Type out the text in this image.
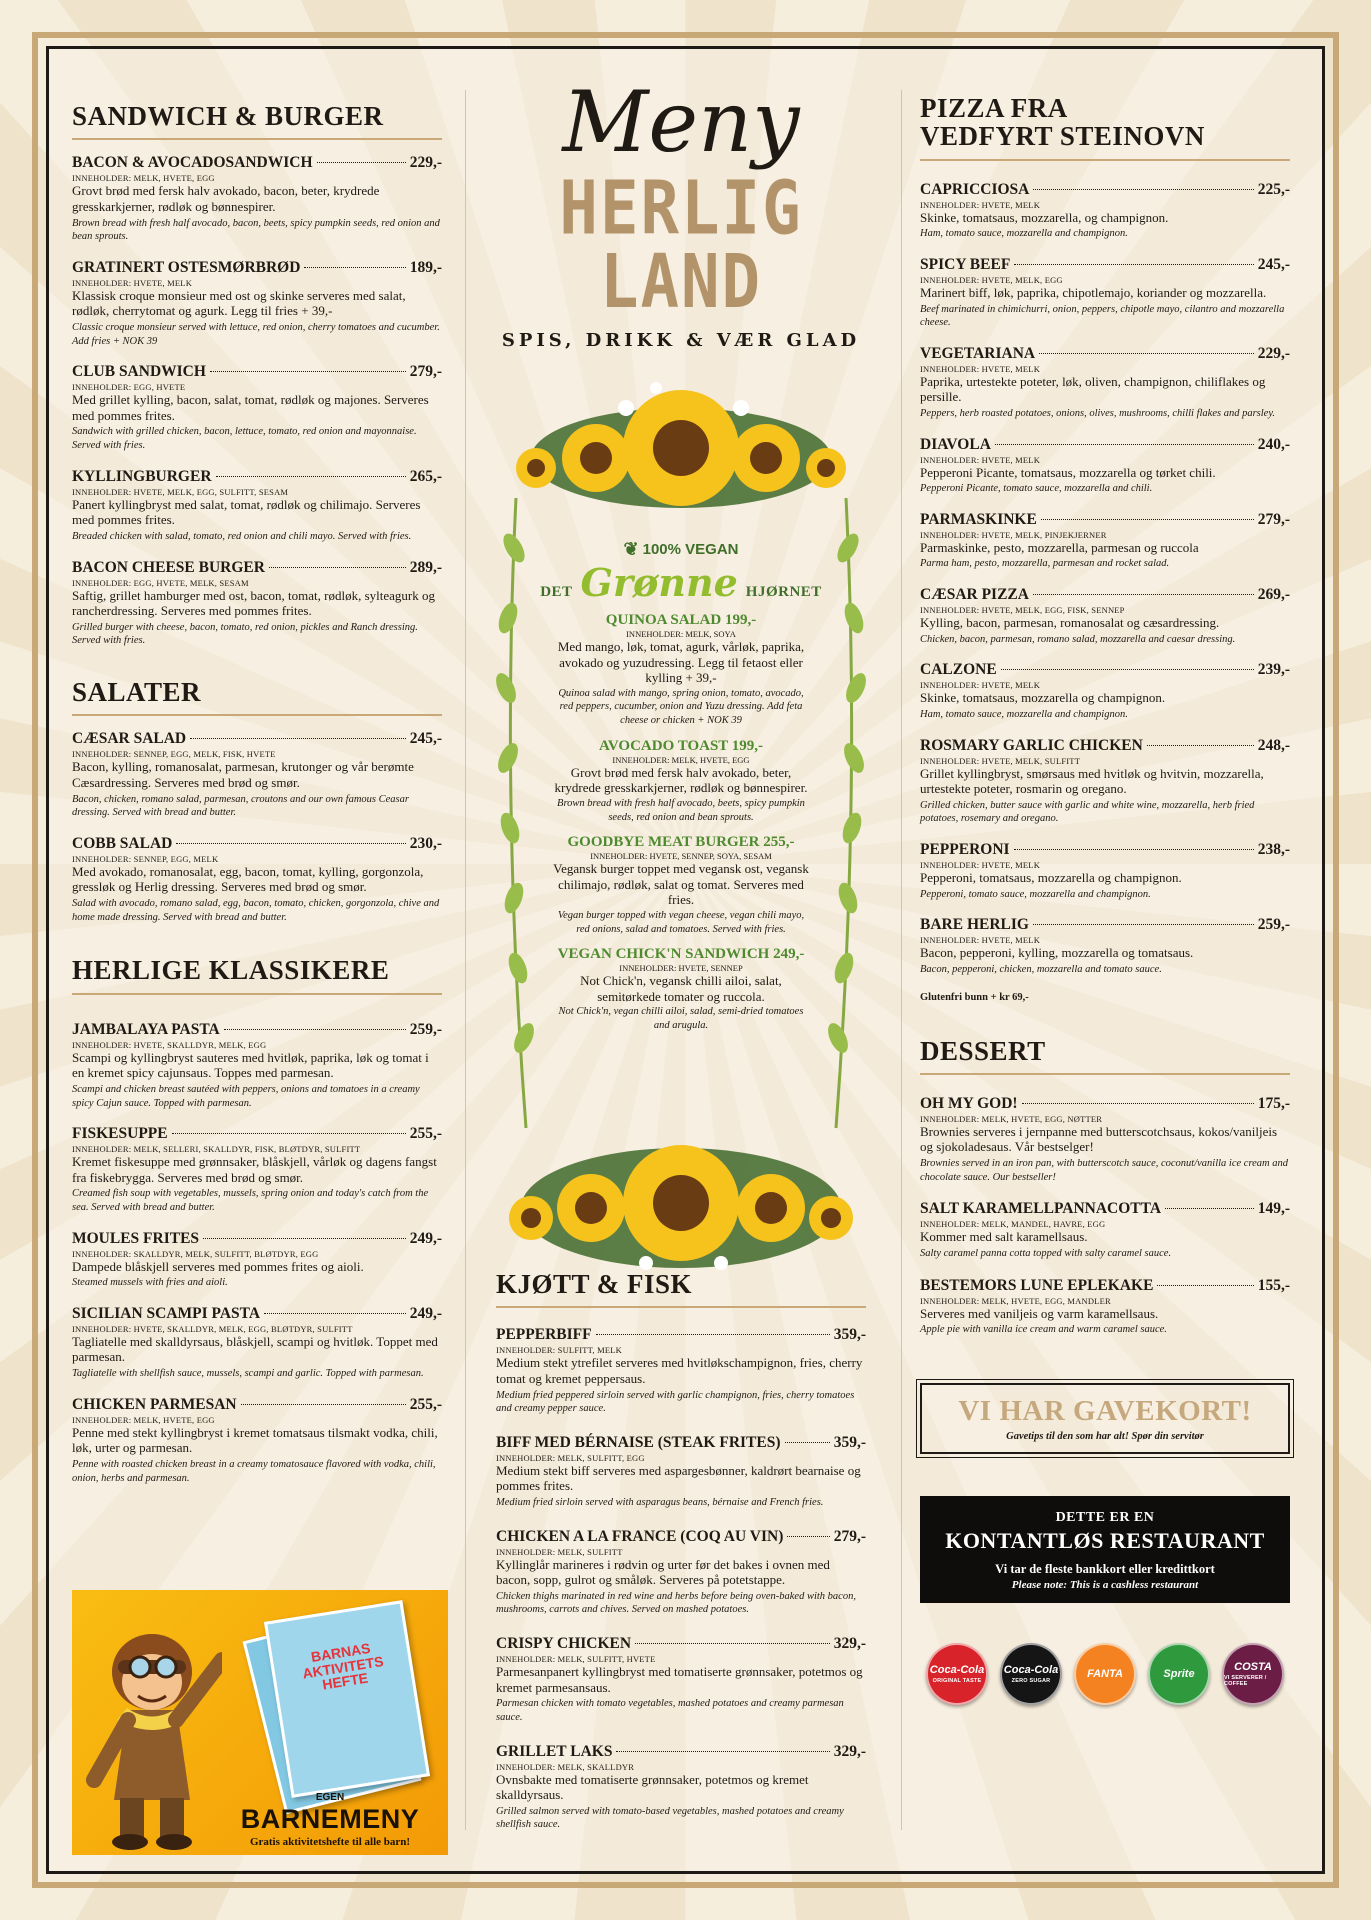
SANDWICH & BURGER
BACON & AVOCADOSANDWICH	229,-
INNEHOLDER: MELK, HVETE, EGG
Grovt brød med fersk halv avokado, bacon, beter, krydrede gresskarkjerner, rødløk og bønnespirer.
Brown bread with fresh half avocado, bacon, beets, spicy pumpkin seeds, red onion and bean sprouts.
GRATINERT OSTESMØRBRØD	189,-
INNEHOLDER: HVETE, MELK
Klassisk croque monsieur med ost og skinke serveres med salat, rødløk, cherrytomat og agurk. Legg til fries + 39,-
Classic croque monsieur served with lettuce, red onion, cherry tomatoes and cucumber. Add fries + NOK 39
CLUB SANDWICH	279,-
INNEHOLDER: EGG, HVETE
Med grillet kylling, bacon, salat, tomat, rødløk og majones. Serveres med pommes frites.
Sandwich with grilled chicken, bacon, lettuce, tomato, red onion and mayonnaise. Served with fries.
KYLLINGBURGER	265,-
INNEHOLDER: HVETE, MELK, EGG, SULFITT, SESAM
Panert kyllingbryst med salat, tomat, rødløk og chilimajo. Serveres med pommes frites.
Breaded chicken with salad, tomato, red onion and chili mayo. Served with fries.
BACON CHEESE BURGER	289,-
INNEHOLDER: EGG, HVETE, MELK, SESAM
Saftig, grillet hamburger med ost, bacon, tomat, rødløk, sylteagurk og rancherdressing. Serveres med pommes frites.
Grilled burger with cheese, bacon, tomato, red onion, pickles and Ranch dressing. Served with fries.
SALATER
CÆSAR SALAD	245,-
INNEHOLDER: SENNEP, EGG, MELK, FISK, HVETE
Bacon, kylling, romanosalat, parmesan, krutonger og vår berømte Cæsardressing. Serveres med brød og smør.
Bacon, chicken, romano salad, parmesan, croutons and our own famous Ceasar dressing. Served with bread and butter.
COBB SALAD	230,-
INNEHOLDER: SENNEP, EGG, MELK
Med avokado, romanosalat, egg, bacon, tomat, kylling, gorgonzola, gressløk og Herlig dressing. Serveres med brød og smør.
Salad with avocado, romano salad, egg, bacon, tomato, chicken, gorgonzola, chive and home made dressing. Served with bread and butter.
HERLIGE KLASSIKERE
JAMBALAYA PASTA	259,-
INNEHOLDER: HVETE, SKALLDYR, MELK, EGG
Scampi og kyllingbryst sauteres med hvitløk, paprika, løk og tomat i en kremet spicy cajunsaus. Toppes med parmesan.
Scampi and chicken breast sautéed with peppers, onions and tomatoes in a creamy spicy Cajun sauce. Topped with parmesan.
FISKESUPPE	255,-
INNEHOLDER: MELK, SELLERI, SKALLDYR, FISK, BLØTDYR, SULFITT
Kremet fiskesuppe med grønnsaker, blåskjell, vårløk og dagens fangst fra fiskebrygga. Serveres med brød og smør.
Creamed fish soup with vegetables, mussels, spring onion and today's catch from the sea. Served with bread and butter.
MOULES FRITES	249,-
INNEHOLDER: SKALLDYR, MELK, SULFITT, BLØTDYR, EGG
Dampede blåskjell serveres med pommes frites og aioli.
Steamed mussels with fries and aioli.
SICILIAN SCAMPI PASTA	249,-
INNEHOLDER: HVETE, SKALLDYR, MELK, EGG, BLØTDYR, SULFITT
Tagliatelle med skalldyrsaus, blåskjell, scampi og hvitløk. Toppet med parmesan.
Tagliatelle with shellfish sauce, mussels, scampi and garlic. Topped with parmesan.
CHICKEN PARMESAN	255,-
INNEHOLDER: MELK, HVETE, EGG
Penne med stekt kyllingbryst i kremet tomatsaus tilsmakt vodka, chili, løk, urter og parmesan.
Penne with roasted chicken breast in a creamy tomatosauce flavored with vodka, chili, onion, herbs and parmesan.
BARNAS AKTIVITETS HEFTE
EGEN
BARNEMENY
Gratis aktivitetshefte til alle barn!
Meny
HERLIG LAND
SPIS, DRIKK & VÆR GLAD
❦ 100% VEGAN
DET Grønne HJØRNET
QUINOA SALAD 199,-
INNEHOLDER: MELK, SOYA
Med mango, løk, tomat, agurk, vårløk, paprika, avokado og yuzudressing. Legg til fetaost eller kylling + 39,-
Quinoa salad with mango, spring onion, tomato, avocado, red peppers, cucumber, onion and Yuzu dressing. Add feta cheese or chicken + NOK 39
AVOCADO TOAST 199,-
INNEHOLDER: MELK, HVETE, EGG
Grovt brød med fersk halv avokado, beter, krydrede gresskarkjerner, rødløk og bønnespirer.
Brown bread with fresh half avocado, beets, spicy pumpkin seeds, red onion and bean sprouts.
GOODBYE MEAT BURGER 255,-
INNEHOLDER: HVETE, SENNEP, SOYA, SESAM
Vegansk burger toppet med vegansk ost, vegansk chilimajo, rødløk, salat og tomat. Serveres med fries.
Vegan burger topped with vegan cheese, vegan chili mayo, red onions, salad and tomatoes. Served with fries.
VEGAN CHICK'N SANDWICH 249,-
INNEHOLDER: HVETE, SENNEP
Not Chick'n, vegansk chilli ailoi, salat, semitørkede tomater og ruccola.
Not Chick'n, vegan chilli ailoi, salad, semi-dried tomatoes and arugula.
KJØTT & FISK
PEPPERBIFF	359,-
INNEHOLDER: SULFITT, MELK
Medium stekt ytrefilet serveres med hvitløkschampignon, fries, cherry tomat og kremet peppersaus.
Medium fried peppered sirloin served with garlic champignon, fries, cherry tomatoes and creamy pepper sauce.
BIFF MED BÉRNAISE (STEAK FRITES)	359,-
INNEHOLDER: MELK, SULFITT, EGG
Medium stekt biff serveres med aspargesbønner, kaldrørt bearnaise og pommes frites.
Medium fried sirloin served with asparagus beans, bérnaise and French fries.
CHICKEN A LA FRANCE (COQ AU VIN)	279,-
INNEHOLDER: MELK, SULFITT
Kyllinglår marineres i rødvin og urter før det bakes i ovnen med bacon, sopp, gulrot og småløk. Serveres på potetstappe.
Chicken thighs marinated in red wine and herbs before being oven-baked with bacon, mushrooms, carrots and chives. Served on mashed potatoes.
CRISPY CHICKEN	329,-
INNEHOLDER: MELK, SULFITT, HVETE
Parmesanpanert kyllingbryst med tomatiserte grønnsaker, potetmos og kremet parmesansaus.
Parmesan chicken with tomato vegetables, mashed potatoes and creamy parmesan sauce.
GRILLET LAKS	329,-
INNEHOLDER: MELK, SKALLDYR
Ovnsbakte med tomatiserte grønnsaker, potetmos og kremet skalldyrsaus.
Grilled salmon served with tomato-based vegetables, mashed potatoes and creamy shellfish sauce.
PIZZA FRA
VEDFYRT STEINOVN
CAPRICCIOSA	225,-
INNEHOLDER: HVETE, MELK
Skinke, tomatsaus, mozzarella, og champignon.
Ham, tomato sauce, mozzarella and champignon.
SPICY BEEF	245,-
INNEHOLDER: HVETE, MELK, EGG
Marinert biff, løk, paprika, chipotlemajo, koriander og mozzarella.
Beef marinated in chimichurri, onion, peppers, chipotle mayo, cilantro and mozzarella cheese.
VEGETARIANA	229,-
INNEHOLDER: HVETE, MELK
Paprika, urtestekte poteter, løk, oliven, champignon, chiliflakes og persille.
Peppers, herb roasted potatoes, onions, olives, mushrooms, chilli flakes and parsley.
DIAVOLA	240,-
INNEHOLDER: HVETE, MELK
Pepperoni Picante, tomatsaus, mozzarella og tørket chili.
Pepperoni Picante, tomato sauce, mozzarella and chili.
PARMASKINKE	279,-
INNEHOLDER: HVETE, MELK, PINJEKJERNER
Parmaskinke, pesto, mozzarella, parmesan og ruccola
Parma ham, pesto, mozzarella, parmesan and rocket salad.
CÆSAR PIZZA	269,-
INNEHOLDER: HVETE, MELK, EGG, FISK, SENNEP
Kylling, bacon, parmesan, romanosalat og cæsardressing.
Chicken, bacon, parmesan, romano salad, mozzarella and caesar dressing.
CALZONE	239,-
INNEHOLDER: HVETE, MELK
Skinke, tomatsaus, mozzarella og champignon.
Ham, tomato sauce, mozzarella and champignon.
ROSMARY GARLIC CHICKEN	248,-
INNEHOLDER: HVETE, MELK, SULFITT
Grillet kyllingbryst, smørsaus med hvitløk og hvitvin, mozzarella, urtestekte poteter, rosmarin og oregano.
Grilled chicken, butter sauce with garlic and white wine, mozzarella, herb fried potatoes, rosemary and oregano.
PEPPERONI	238,-
INNEHOLDER: HVETE, MELK
Pepperoni, tomatsaus, mozzarella og champignon.
Pepperoni, tomato sauce, mozzarella and champignon.
BARE HERLIG	259,-
INNEHOLDER: HVETE, MELK
Bacon, pepperoni, kylling, mozzarella og tomatsaus.
Bacon, pepperoni, chicken, mozzarella and tomato sauce.
Glutenfri bunn + kr 69,-
DESSERT
OH MY GOD!	175,-
INNEHOLDER: MELK, HVETE, EGG, NØTTER
Brownies serveres i jernpanne med butterscotchsaus, kokos/vaniljeis og sjokoladesaus. Vår bestselger!
Brownies served in an iron pan, with butterscotch sauce, coconut/vanilla ice cream and chocolate sauce. Our bestseller!
SALT KARAMELLPANNACOTTA	149,-
INNEHOLDER: MELK, MANDEL, HAVRE, EGG
Kommer med salt karamellsaus.
Salty caramel panna cotta topped with salty caramel sauce.
BESTEMORS LUNE EPLEKAKE	155,-
INNEHOLDER: MELK, HVETE, EGG, MANDLER
Serveres med vaniljeis og varm karamellsaus.
Apple pie with vanilla ice cream and warm caramel sauce.
VI HAR GAVEKORT!
Gavetips til den som har alt! Spør din servitør
DETTE ER EN
KONTANTLØS RESTAURANT
Vi tar de fleste bankkort eller kredittkort
Please note: This is a cashless restaurant
Coca-Cola
ORIGINAL TASTE
Coca-Cola
ZERO SUGAR
FANTA	Sprite
COSTA
VI SERVERER / COFFEE
